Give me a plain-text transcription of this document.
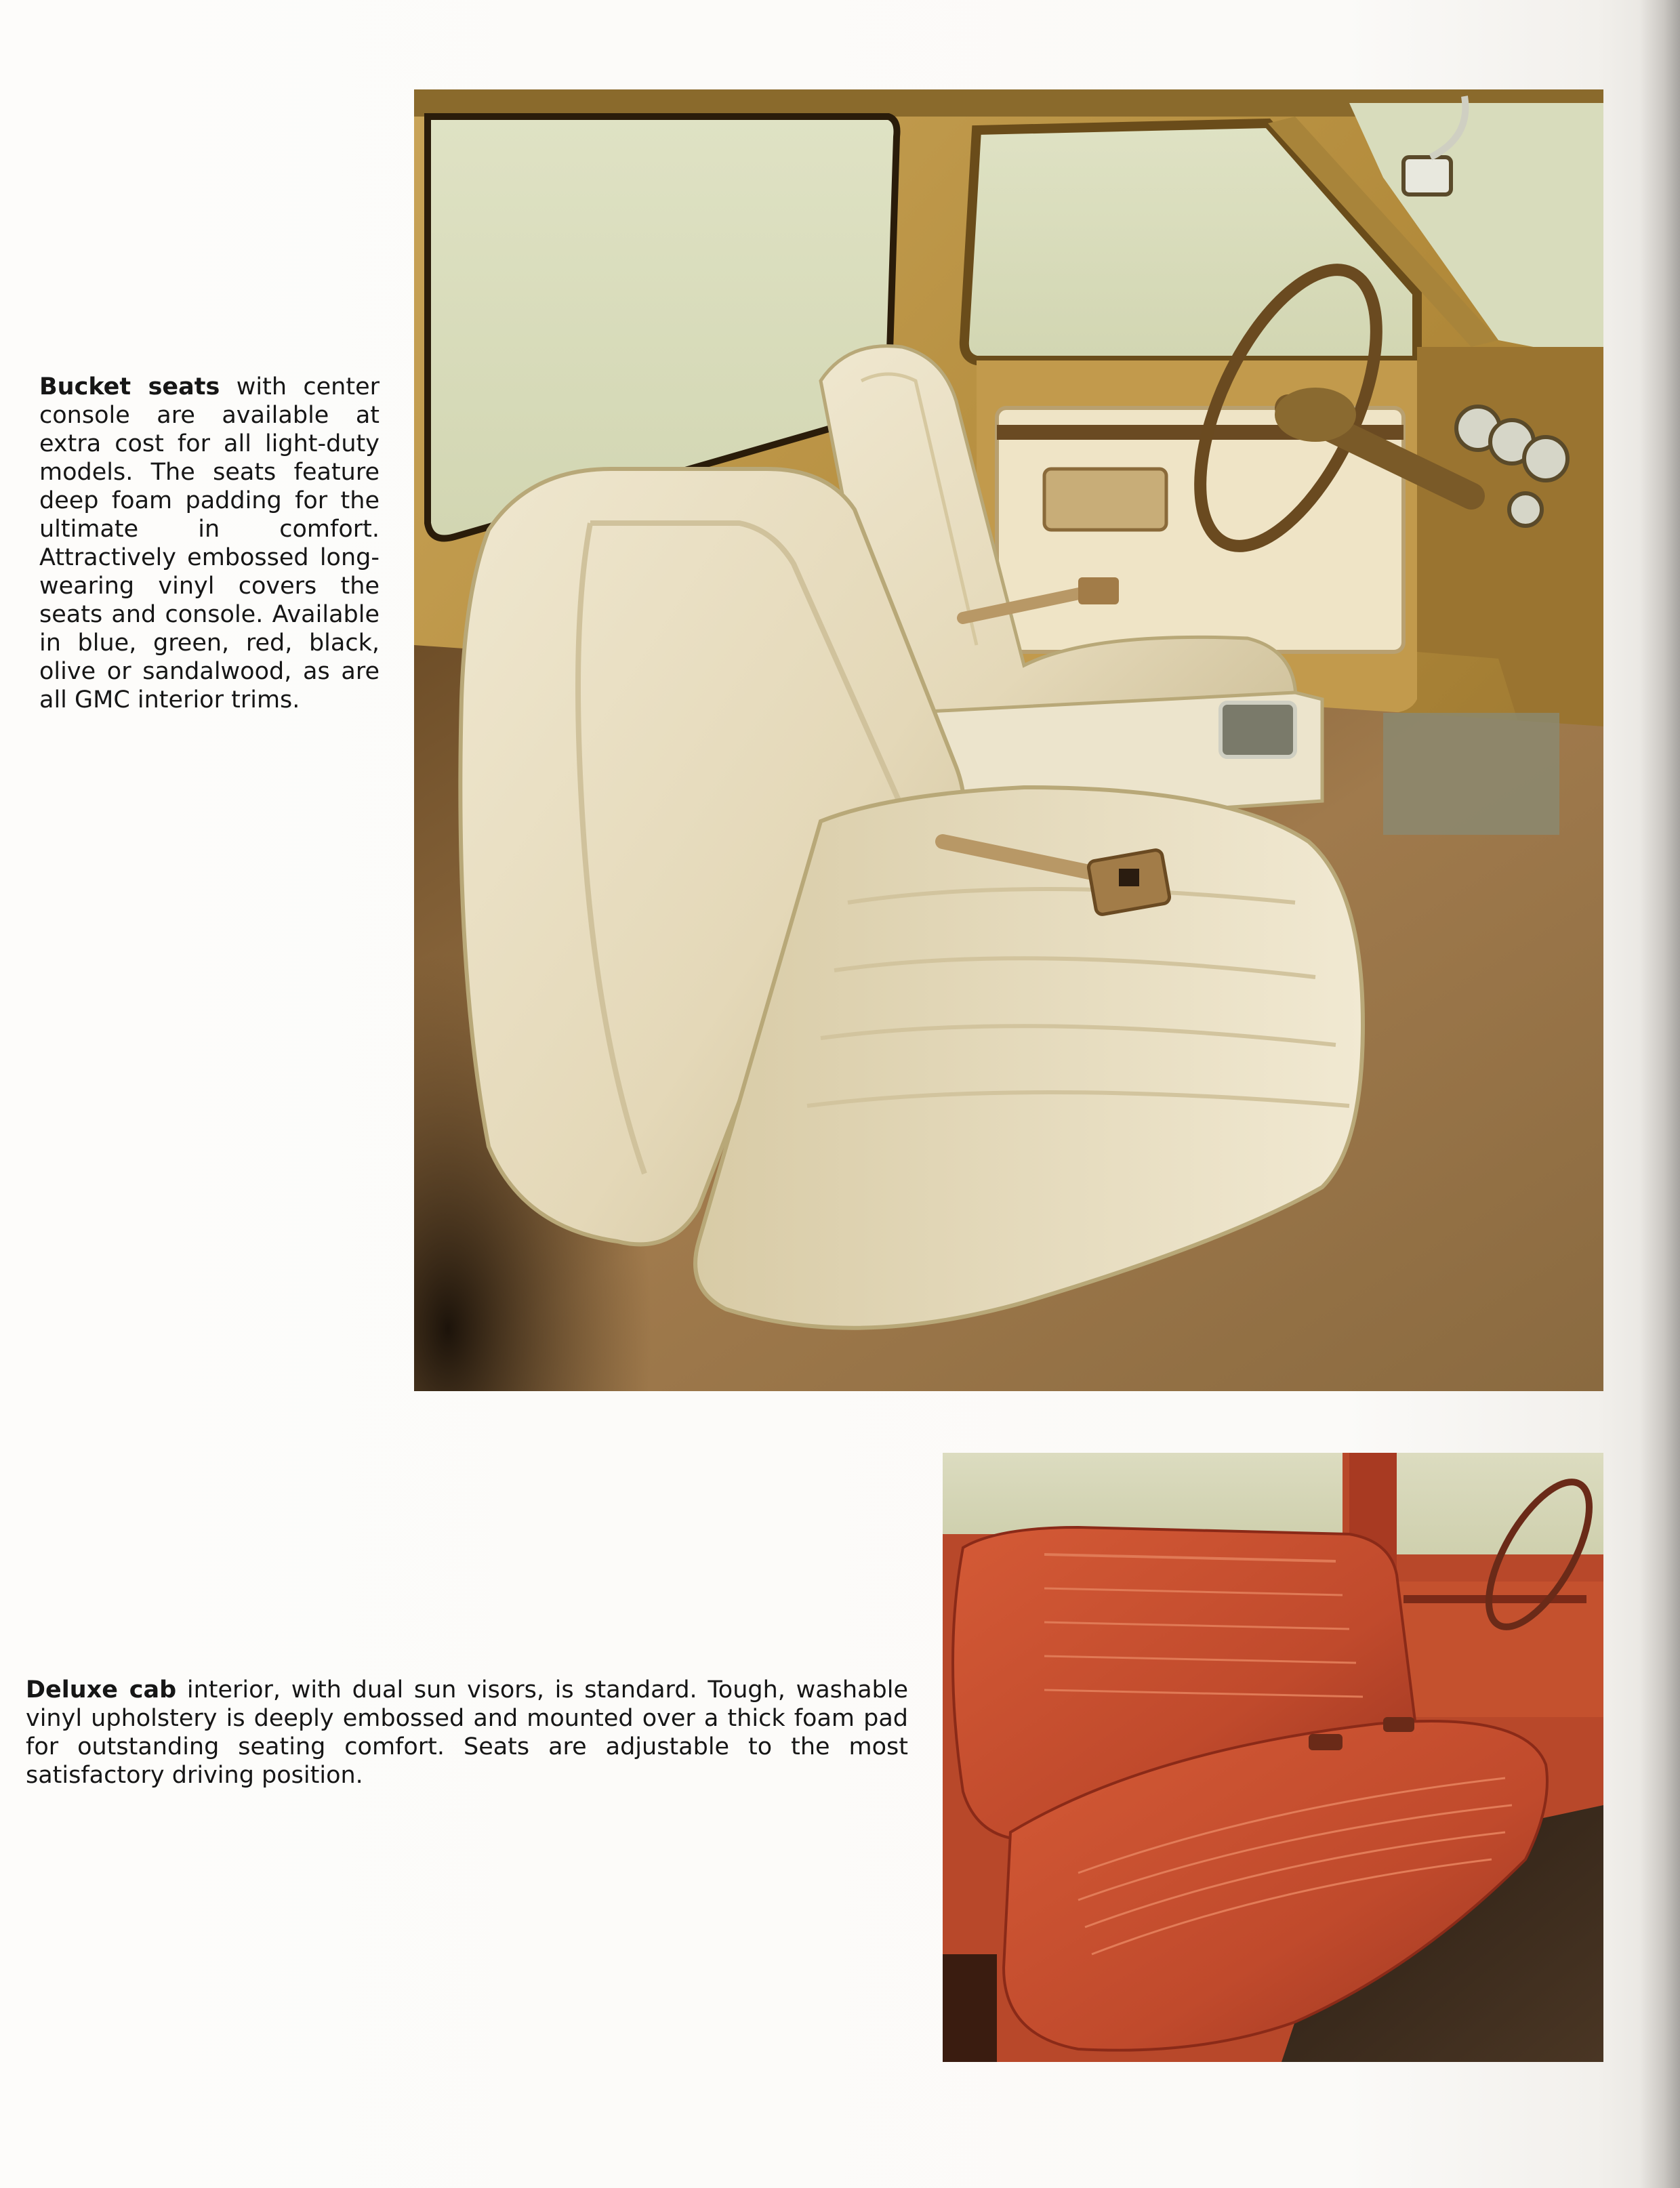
Bucket seats with center console are available at extra cost for all light-duty models. The seats feature deep foam padding for the ultimate in comfort. Attractively embossed long-wearing vinyl covers the seats and console. Available in blue, green, red, black, olive or sandalwood, as are all GMC interior trims.

Deluxe cab interior, with dual sun visors, is standard. Tough, washable vinyl upholstery is deeply embossed and mounted over a thick foam pad for outstanding seating comfort. Seats are adjustable to the most satisfactory driving position.
